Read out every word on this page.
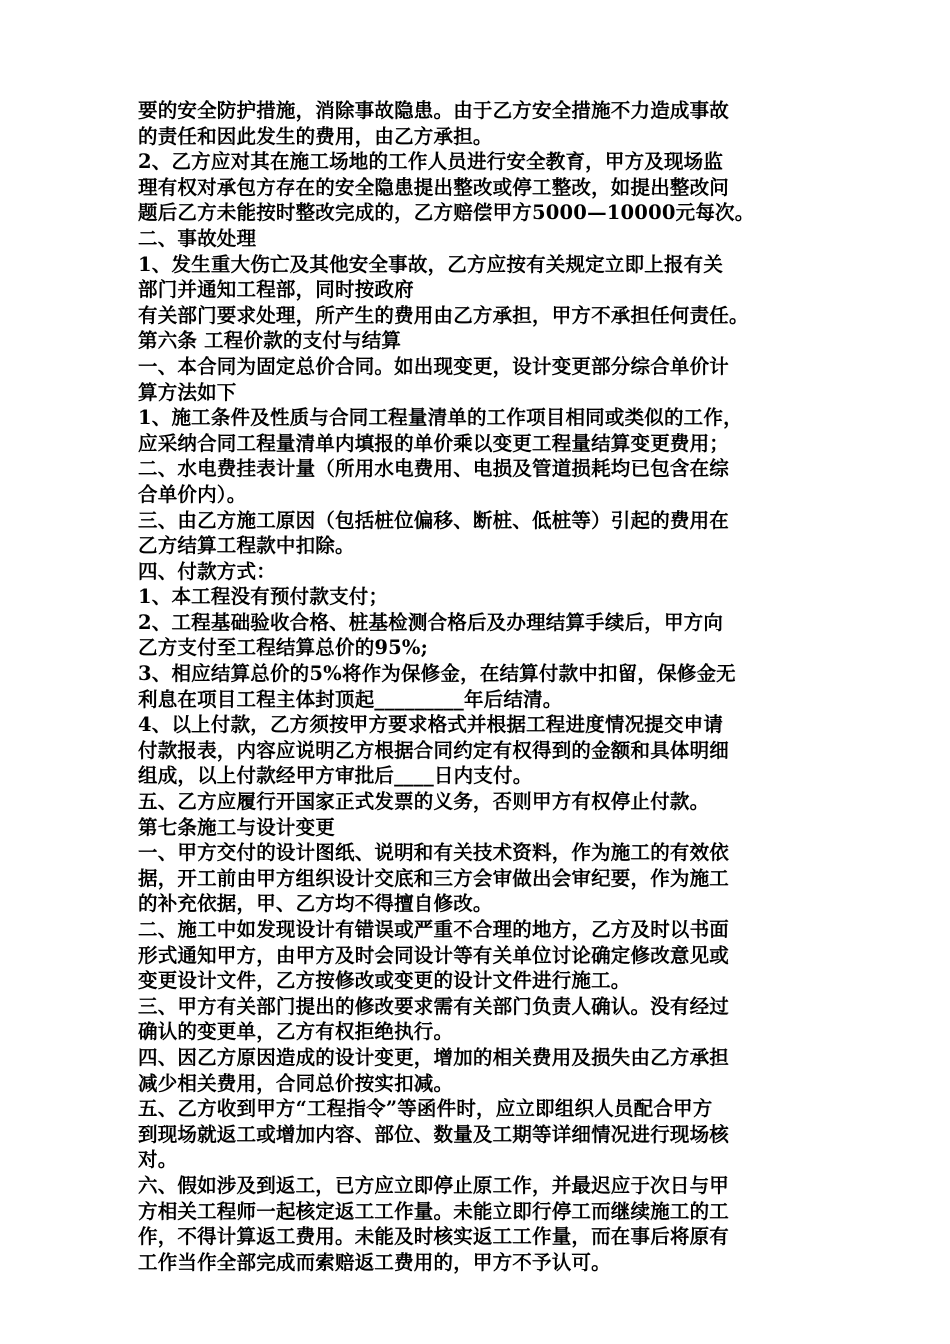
要的安全防护措施，消除事故隐患。由于乙方安全措施不力造成事故
的责任和因此发生的费用，由乙方承担。
2、乙方应对其在施工场地的工作人员进行安全教育，甲方及现场监
理有权对承包方存在的安全隐患提出整改或停工整改，如提出整改问
题后乙方未能按时整改完成的，乙方赔偿甲方5000—10000元每次。
二、事故处理
1、发生重大伤亡及其他安全事故，乙方应按有关规定立即上报有关
部门并通知工程部，同时按政府
有关部门要求处理，所产生的费用由乙方承担，甲方不承担任何责任。
第六条 工程价款的支付与结算
一、本合同为固定总价合同。如出现变更，设计变更部分综合单价计
算方法如下
1、施工条件及性质与合同工程量清单的工作项目相同或类似的工作，
应采纳合同工程量清单内填报的单价乘以变更工程量结算变更费用；
二、水电费挂表计量（所用水电费用、电损及管道损耗均已包含在综
合单价内）。
三、由乙方施工原因（包括桩位偏移、断桩、低桩等）引起的费用在
乙方结算工程款中扣除。
四、付款方式：
1、本工程没有预付款支付；
2、工程基础验收合格、桩基检测合格后及办理结算手续后，甲方向
乙方支付至工程结算总价的95%;
3、相应结算总价的5%将作为保修金，在结算付款中扣留，保修金无
利息在项目工程主体封顶起_________年后结清。
4、以上付款，乙方须按甲方要求格式并根据工程进度情况提交申请
付款报表，内容应说明乙方根据合同约定有权得到的金额和具体明细
组成，以上付款经甲方审批后____日内支付。
五、乙方应履行开国家正式发票的义务，否则甲方有权停止付款。
第七条施工与设计变更
一、甲方交付的设计图纸、说明和有关技术资料，作为施工的有效依
据，开工前由甲方组织设计交底和三方会审做出会审纪要，作为施工
的补充依据，甲、乙方均不得擅自修改。
二、施工中如发现设计有错误或严重不合理的地方，乙方及时以书面
形式通知甲方，由甲方及时会同设计等有关单位讨论确定修改意见或
变更设计文件，乙方按修改或变更的设计文件进行施工。
三、甲方有关部门提出的修改要求需有关部门负责人确认。没有经过
确认的变更单，乙方有权拒绝执行。
四、因乙方原因造成的设计变更，增加的相关费用及损失由乙方承担
减少相关费用，合同总价按实扣减。
五、乙方收到甲方“工程指令”等函件时，应立即组织人员配合甲方
到现场就返工或增加内容、部位、数量及工期等详细情况进行现场核
对。
六、假如涉及到返工，已方应立即停止原工作，并最迟应于次日与甲
方相关工程师一起核定返工工作量。未能立即行停工而继续施工的工
作，不得计算返工费用。未能及时核实返工工作量，而在事后将原有
工作当作全部完成而索赔返工费用的，甲方不予认可。
